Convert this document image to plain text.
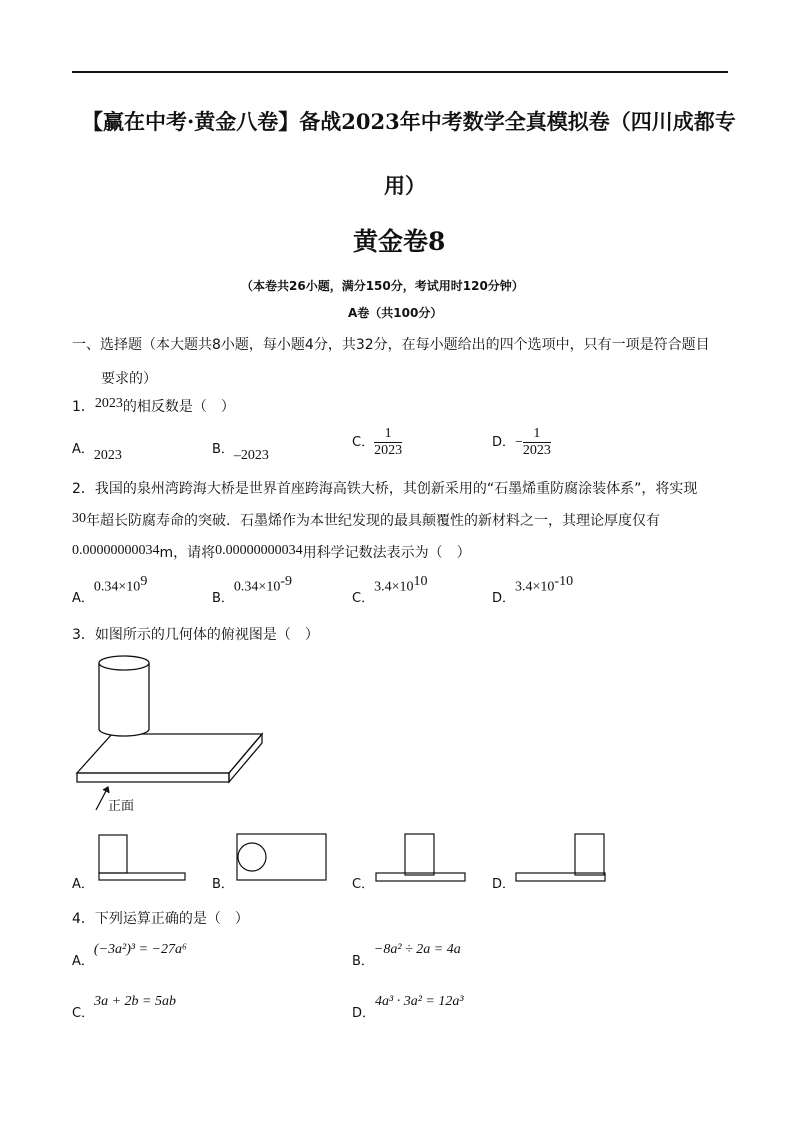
【赢在中考·黄金八卷】备战2023年中考数学全真模拟卷（四川成都专
用）
黄金卷8
（本卷共26小题，满分150分，考试用时120分钟）
A卷（共100分）
一、选择题（本大题共8小题，每小题4分，共32分，在每小题给出的四个选项中，只有一项是符合题目
要求的）
1．2023的相反数是（　）
A．2023	B．–2023
C． $\frac{1}{2023}$	D．− $\frac{1}{2023}$
2．我国的泉州湾跨海大桥是世界首座跨海高铁大桥，其创新采用的“石墨烯重防腐涂装体系”，将实现
30年超长防腐寿命的突破．石墨烯作为本世纪发现的最具颠覆性的新材料之一，其理论厚度仅有
0.00000000034m，请将0.00000000034用科学记数法表示为（　）
A．$0.34\times 10^9$
B．$0.34\times 10^{-9}$
C．$3.4\times 10^{10}$
D．$3.4\times 10^{-10}$
3．如图所示的几何体的俯视图是（　）
正面
A．	B．	C．	D．
4．下列运算正确的是（　）
A．(−3a²)³ = −27a⁶
B．−8a² ÷ 2a = 4a
C．3a + 2b = 5ab
D．4a³ · 3a² = 12a³
